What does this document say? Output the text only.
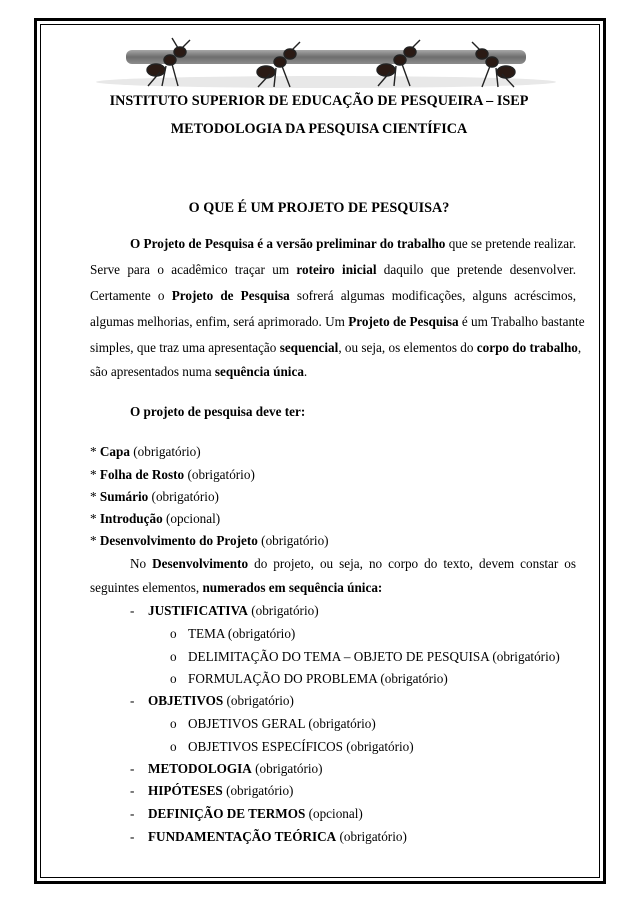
INSTITUTO SUPERIOR DE EDUCAÇÃO DE PESQUEIRA – ISEP
METODOLOGIA DA PESQUISA CIENTÍFICA
O QUE É UM PROJETO DE PESQUISA?
O Projeto de Pesquisa é a versão preliminar do trabalho que se pretende realizar.
Serve para o acadêmico traçar um roteiro inicial daquilo que pretende desenvolver.
Certamente o Projeto de Pesquisa sofrerá algumas modificações, alguns acréscimos,
algumas melhorias, enfim, será aprimorado. Um Projeto de Pesquisa é um Trabalho bastante
simples, que traz uma apresentação sequencial, ou seja, os elementos do corpo do trabalho,
são apresentados numa sequência única.
O projeto de pesquisa deve ter:
* Capa (obrigatório)
* Folha de Rosto (obrigatório)
* Sumário (obrigatório)
* Introdução (opcional)
* Desenvolvimento do Projeto (obrigatório)
No Desenvolvimento do projeto, ou seja, no corpo do texto, devem constar os
seguintes elementos, numerados em sequência única:
- JUSTIFICATIVA (obrigatório)
o TEMA (obrigatório)
o DELIMITAÇÃO DO TEMA – OBJETO DE PESQUISA (obrigatório)
o FORMULAÇÃO DO PROBLEMA (obrigatório)
- OBJETIVOS (obrigatório)
o OBJETIVOS GERAL (obrigatório)
o OBJETIVOS ESPECÍFICOS (obrigatório)
- METODOLOGIA (obrigatório)
- HIPÓTESES (obrigatório)
- DEFINIÇÃO DE TERMOS (opcional)
- FUNDAMENTAÇÃO TEÓRICA (obrigatório)
